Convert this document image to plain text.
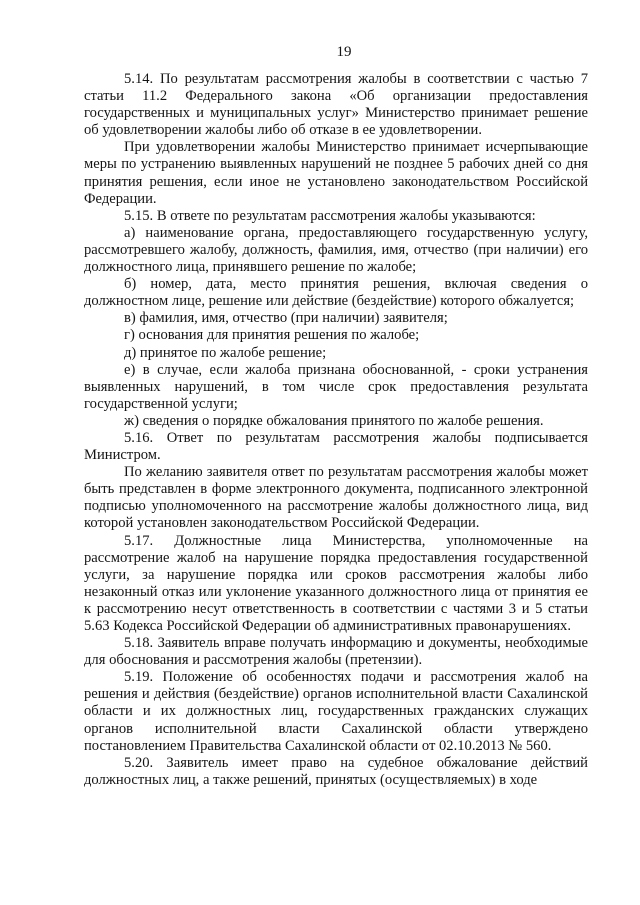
19

5.14. По результатам рассмотрения жалобы в соответствии с частью 7 статьи 11.2 Федерального закона «Об организации предоставления государственных и муниципальных услуг» Министерство принимает решение об удовлетворении жалобы либо об отказе в ее удовлетворении.

При удовлетворении жалобы Министерство принимает исчерпывающие меры по устранению выявленных нарушений не позднее 5 рабочих дней со дня принятия решения, если иное не установлено законодательством Российской Федерации.

5.15. В ответе по результатам рассмотрения жалобы указываются:

а) наименование органа, предоставляющего государственную услугу, рассмотревшего жалобу, должность, фамилия, имя, отчество (при наличии) его должностного лица, принявшего решение по жалобе;

б) номер, дата, место принятия решения, включая сведения о должностном лице, решение или действие (бездействие) которого обжалуется;

в) фамилия, имя, отчество (при наличии) заявителя;

г) основания для принятия решения по жалобе;

д) принятое по жалобе решение;

е) в случае, если жалоба признана обоснованной, - сроки устранения выявленных нарушений, в том числе срок предоставления результата государственной услуги;

ж) сведения о порядке обжалования принятого по жалобе решения.

5.16. Ответ по результатам рассмотрения жалобы подписывается Министром.

По желанию заявителя ответ по результатам рассмотрения жалобы может быть представлен в форме электронного документа, подписанного электронной подписью уполномоченного на рассмотрение жалобы должностного лица, вид которой установлен законодательством Российской Федерации.

5.17. Должностные лица Министерства, уполномоченные на рассмотрение жалоб на нарушение порядка предоставления государственной услуги, за нарушение порядка или сроков рассмотрения жалобы либо незаконный отказ или уклонение указанного должностного лица от принятия ее к рассмотрению несут ответственность в соответствии с частями 3 и 5 статьи 5.63 Кодекса Российской Федерации об административных правонарушениях.

5.18. Заявитель вправе получать информацию и документы, необходимые для обоснования и рассмотрения жалобы (претензии).

5.19. Положение об особенностях подачи и рассмотрения жалоб на решения и действия (бездействие) органов исполнительной власти Сахалинской области и их должностных лиц, государственных гражданских служащих органов исполнительной власти Сахалинской области утверждено постановлением Правительства Сахалинской области от 02.10.2013 № 560.

5.20. Заявитель имеет право на судебное обжалование действий должностных лиц, а также решений, принятых (осуществляемых) в ходе
